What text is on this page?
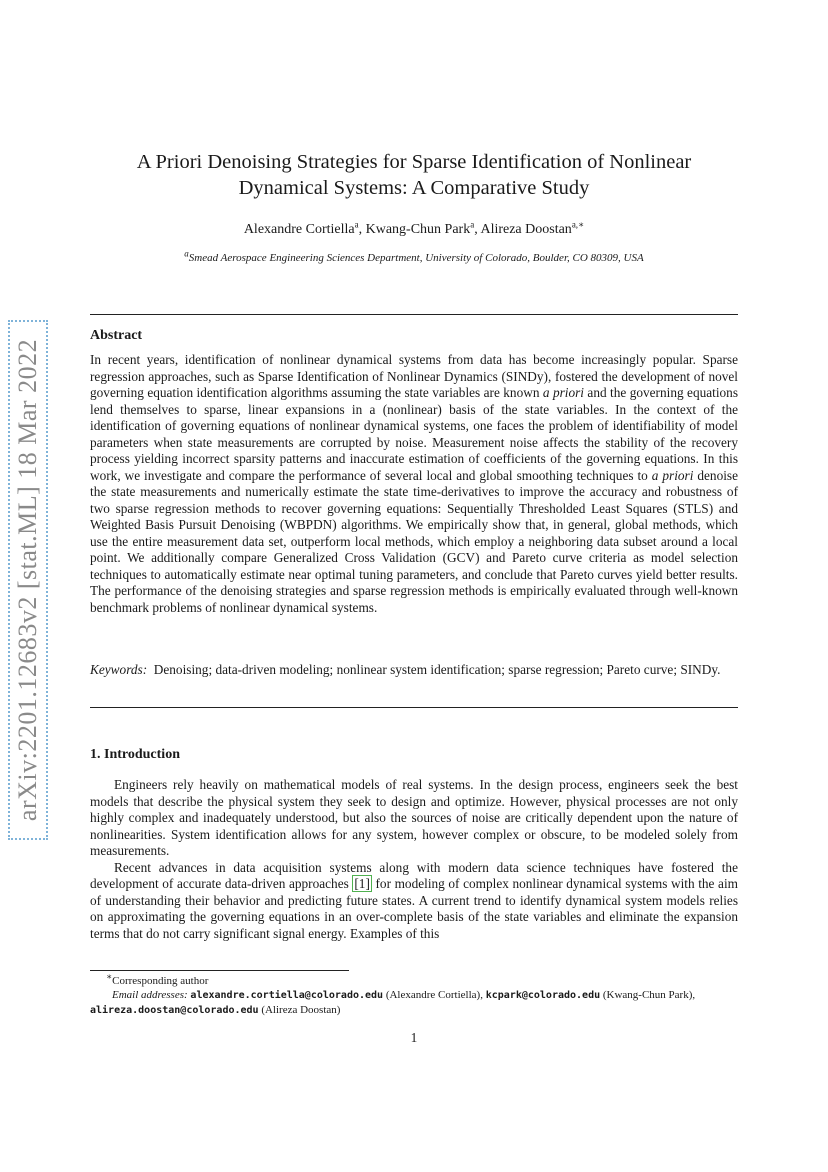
arXiv:2201.12683v2 [stat.ML] 18 Mar 2022
A Priori Denoising Strategies for Sparse Identification of Nonlinear
Dynamical Systems: A Comparative Study
Alexandre Cortiella$^a$, Kwang-Chun Park$^a$, Alireza Doostan$^{a,∗}$
$^a$Smead Aerospace Engineering Sciences Department, University of Colorado, Boulder, CO 80309, USA
Abstract
In recent years, identification of nonlinear dynamical systems from data has become increasingly popular. Sparse regression approaches, such as Sparse Identification of Nonlinear Dynamics (SINDy), fostered the development of novel governing equation identification algorithms assuming the state variables are known a priori and the governing equations lend themselves to sparse, linear expansions in a (nonlinear) basis of the state variables. In the context of the identification of governing equations of nonlinear dynamical systems, one faces the problem of identifiability of model parameters when state measurements are corrupted by noise. Measurement noise affects the stability of the recovery process yielding incorrect sparsity patterns and inaccurate estimation of coefficients of the governing equations. In this work, we investigate and compare the performance of several local and global smoothing techniques to a priori denoise the state measurements and numerically estimate the state time-derivatives to improve the accuracy and robustness of two sparse regression methods to recover governing equations: Sequentially Thresholded Least Squares (STLS) and Weighted Basis Pursuit Denoising (WBPDN) algorithms. We empirically show that, in general, global methods, which use the entire measurement data set, outperform local methods, which employ a neighboring data subset around a local point. We additionally compare Generalized Cross Validation (GCV) and Pareto curve criteria as model selection techniques to automatically estimate near optimal tuning parameters, and conclude that Pareto curves yield better results. The performance of the denoising strategies and sparse regression methods is empirically evaluated through well-known benchmark problems of nonlinear dynamical systems.
Keywords: Denoising; data-driven modeling; nonlinear system identification; sparse regression; Pareto curve; SINDy.
1. Introduction

Engineers rely heavily on mathematical models of real systems. In the design process, engineers seek the best models that describe the physical system they seek to design and optimize. However, physical processes are not only highly complex and inadequately understood, but also the sources of noise are critically dependent upon the nature of nonlinearities. System identification allows for any system, however complex or obscure, to be modeled solely from measurements.

Recent advances in data acquisition systems along with modern data science techniques have fostered the development of accurate data-driven approaches [1] for modeling of complex nonlinear dynamical systems with the aim of understanding their behavior and predicting future states. A current trend to identify dynamical system models relies on approximating the governing equations in an over-complete basis of the state variables and eliminate the expansion terms that do not carry significant signal energy. Examples of this

∗Corresponding author
Email addresses: alexandre.cortiella@colorado.edu (Alexandre Cortiella), kcpark@colorado.edu (Kwang-Chun Park),
alireza.doostan@colorado.edu (Alireza Doostan)
1
